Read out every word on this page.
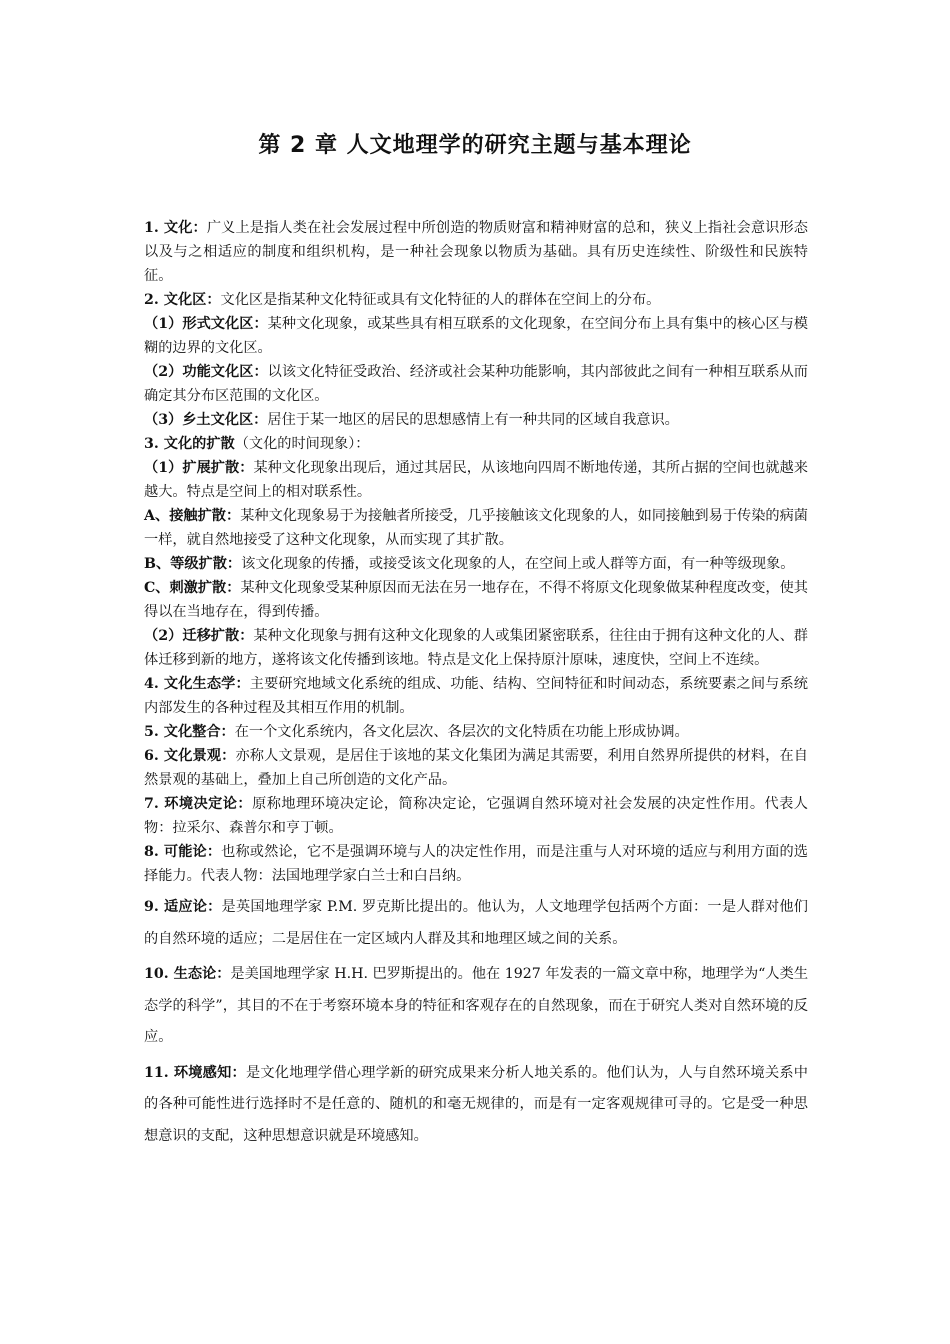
第 2 章 人文地理学的研究主题与基本理论

1. 文化：广义上是指人类在社会发展过程中所创造的物质财富和精神财富的总和，狭义上指社会意识形态以及与之相适应的制度和组织机构，是一种社会现象以物质为基础。具有历史连续性、阶级性和民族特征。

2. 文化区：文化区是指某种文化特征或具有文化特征的人的群体在空间上的分布。

（1）形式文化区：某种文化现象，或某些具有相互联系的文化现象，在空间分布上具有集中的核心区与模糊的边界的文化区。

（2）功能文化区：以该文化特征受政治、经济或社会某种功能影响，其内部彼此之间有一种相互联系从而确定其分布区范围的文化区。

（3）乡土文化区：居住于某一地区的居民的思想感情上有一种共同的区域自我意识。

3. 文化的扩散（文化的时间现象）：

（1）扩展扩散：某种文化现象出现后，通过其居民，从该地向四周不断地传递，其所占据的空间也就越来越大。特点是空间上的相对联系性。

A、接触扩散：某种文化现象易于为接触者所接受，几乎接触该文化现象的人，如同接触到易于传染的病菌一样，就自然地接受了这种文化现象，从而实现了其扩散。

B、等级扩散：该文化现象的传播，或接受该文化现象的人，在空间上或人群等方面，有一种等级现象。

C、刺激扩散：某种文化现象受某种原因而无法在另一地存在，不得不将原文化现象做某种程度改变，使其得以在当地存在，得到传播。

（2）迁移扩散：某种文化现象与拥有这种文化现象的人或集团紧密联系，往往由于拥有这种文化的人、群体迁移到新的地方，遂将该文化传播到该地。特点是文化上保持原汁原味，速度快，空间上不连续。

4. 文化生态学：主要研究地域文化系统的组成、功能、结构、空间特征和时间动态，系统要素之间与系统内部发生的各种过程及其相互作用的机制。

5. 文化整合：在一个文化系统内，各文化层次、各层次的文化特质在功能上形成协调。

6. 文化景观：亦称人文景观，是居住于该地的某文化集团为满足其需要，利用自然界所提供的材料，在自然景观的基础上，叠加上自己所创造的文化产品。

7. 环境决定论：原称地理环境决定论，简称决定论，它强调自然环境对社会发展的决定性作用。代表人物：拉采尔、森普尔和亨丁顿。

8. 可能论：也称或然论，它不是强调环境与人的决定性作用，而是注重与人对环境的适应与利用方面的选择能力。代表人物：法国地理学家白兰士和白吕纳。

9. 适应论：是英国地理学家 P.M. 罗克斯比提出的。他认为，人文地理学包括两个方面：一是人群对他们的自然环境的适应；二是居住在一定区域内人群及其和地理区域之间的关系。

10. 生态论：是美国地理学家 H.H. 巴罗斯提出的。他在 1927 年发表的一篇文章中称，地理学为“人类生态学的科学”，其目的不在于考察环境本身的特征和客观存在的自然现象，而在于研究人类对自然环境的反应。

11. 环境感知：是文化地理学借心理学新的研究成果来分析人地关系的。他们认为，人与自然环境关系中的各种可能性进行选择时不是任意的、随机的和毫无规律的，而是有一定客观规律可寻的。它是受一种思想意识的支配，这种思想意识就是环境感知。
